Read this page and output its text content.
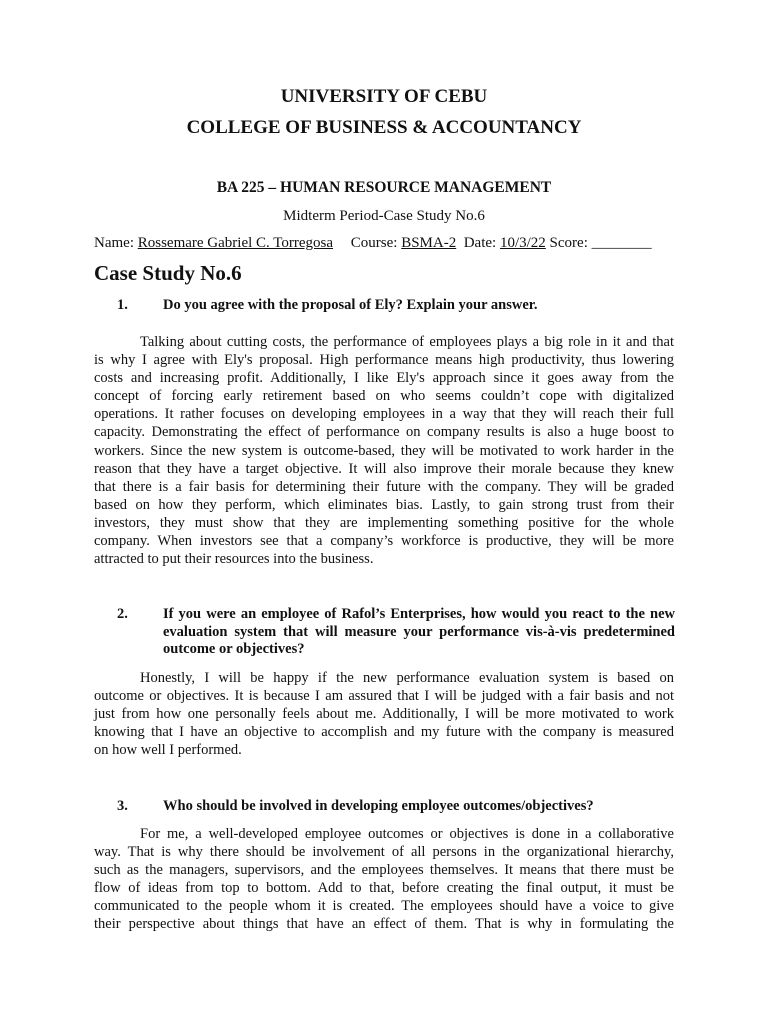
UNIVERSITY OF CEBU
COLLEGE OF BUSINESS & ACCOUNTANCY
BA 225 – HUMAN RESOURCE MANAGEMENT
Midterm Period-Case Study No.6
Name: Rossemare Gabriel C. Torregosa Course: BSMA-2 Date: 10/3/22 Score: ________
Case Study No.6
1. Do you agree with the proposal of Ely? Explain your answer.
Talking about cutting costs, the performance of employees plays a big role in it and that
is why I agree with Ely's proposal. High performance means high productivity, thus lowering
costs and increasing profit. Additionally, I like Ely's approach since it goes away from the
concept of forcing early retirement based on who seems couldn’t cope with digitalized
operations. It rather focuses on developing employees in a way that they will reach their full
capacity. Demonstrating the effect of performance on company results is also a huge boost to
workers. Since the new system is outcome-based, they will be motivated to work harder in the
reason that they have a target objective. It will also improve their morale because they knew
that there is a fair basis for determining their future with the company. They will be graded
based on how they perform, which eliminates bias. Lastly, to gain strong trust from their
investors, they must show that they are implementing something positive for the whole
company. When investors see that a company’s workforce is productive, they will be more
attracted to put their resources into the business.
2. If you were an employee of Rafol’s Enterprises, how would you react to the new evaluation system that will measure your performance vis-à-vis predetermined outcome or objectives?
Honestly, I will be happy if the new performance evaluation system is based on
outcome or objectives. It is because I am assured that I will be judged with a fair basis and not
just from how one personally feels about me. Additionally, I will be more motivated to work
knowing that I have an objective to accomplish and my future with the company is measured
on how well I performed.
3. Who should be involved in developing employee outcomes/objectives?
For me, a well-developed employee outcomes or objectives is done in a collaborative
way. That is why there should be involvement of all persons in the organizational hierarchy,
such as the managers, supervisors, and the employees themselves. It means that there must be
flow of ideas from top to bottom. Add to that, before creating the final output, it must be
communicated to the people whom it is created. The employees should have a voice to give
their perspective about things that have an effect of them. That is why in formulating the
